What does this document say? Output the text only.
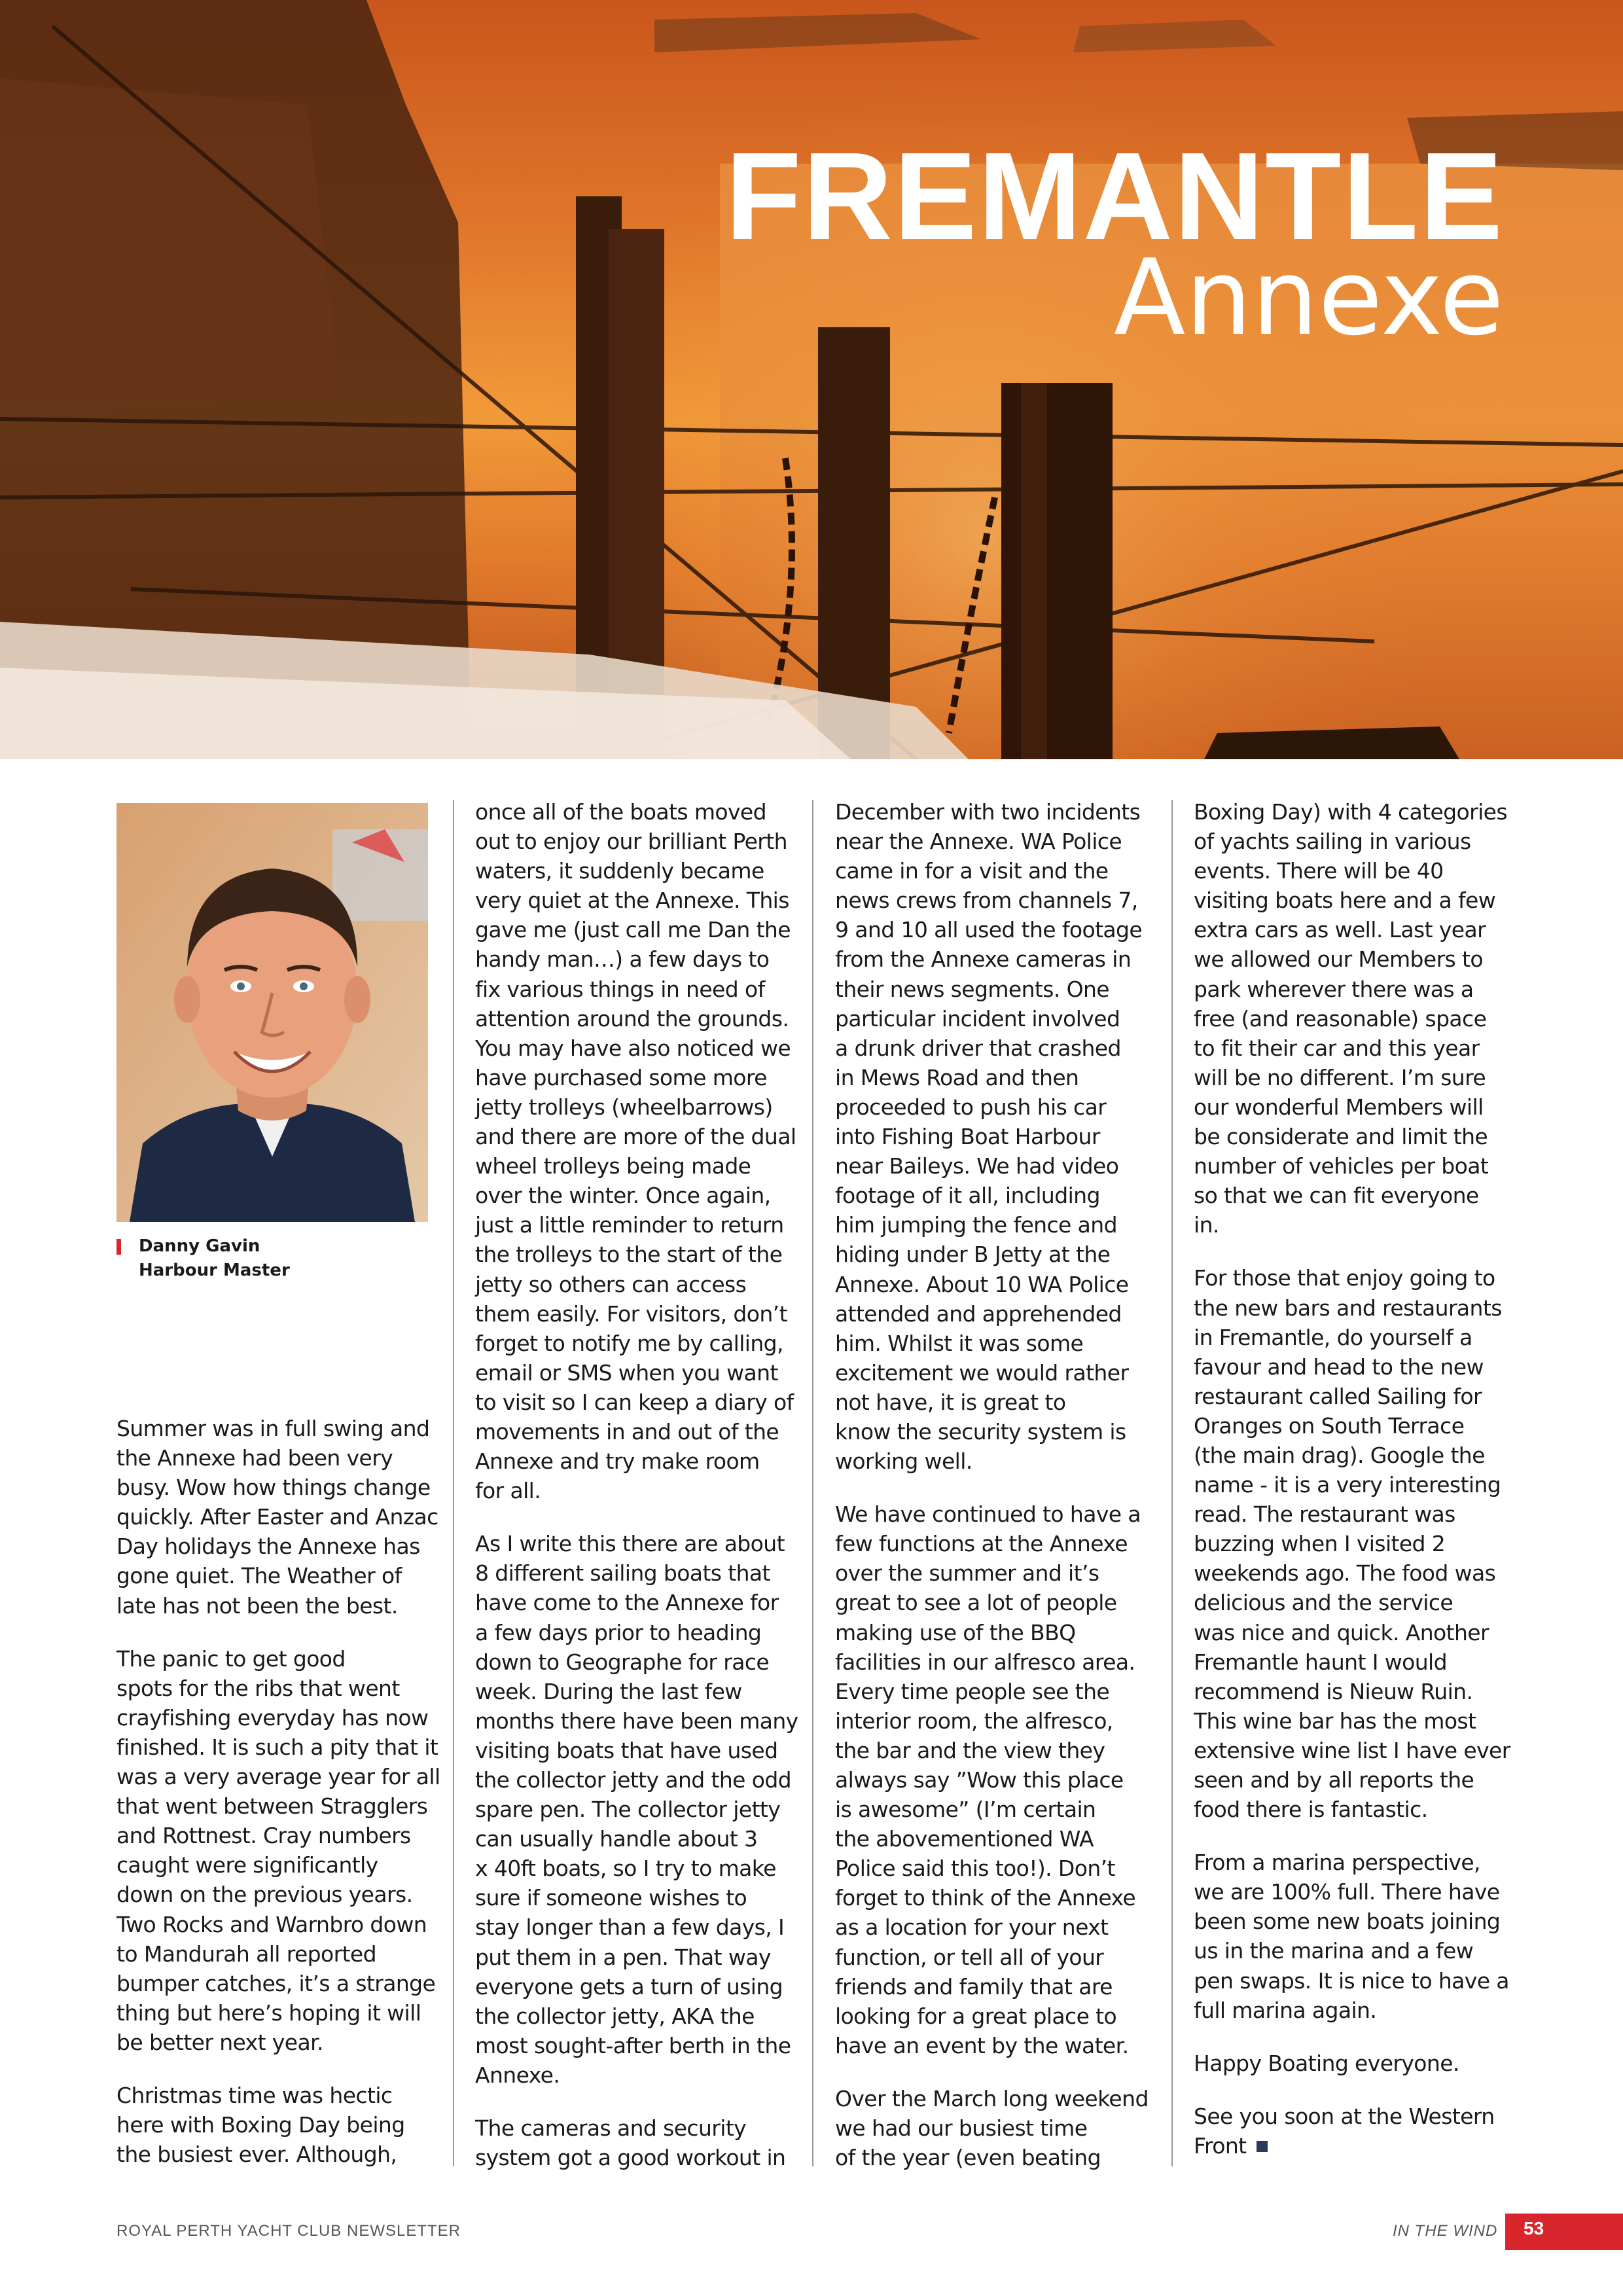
FREMANTLE
Annexe
Danny Gavin
Harbour Master

Summer was in full swing and
the Annexe had been very
busy. Wow how things change
quickly. After Easter and Anzac
Day holidays the Annexe has
gone quiet. The Weather of
late has not been the best.

The panic to get good
spots for the ribs that went
crayfishing everyday has now
finished. It is such a pity that it
was a very average year for all
that went between Stragglers
and Rottnest. Cray numbers
caught were significantly
down on the previous years.
Two Rocks and Warnbro down
to Mandurah all reported
bumper catches, it’s a strange
thing but here’s hoping it will
be better next year.

Christmas time was hectic
here with Boxing Day being
the busiest ever. Although,

once all of the boats moved
out to enjoy our brilliant Perth
waters, it suddenly became
very quiet at the Annexe. This
gave me (just call me Dan the
handy man…) a few days to
fix various things in need of
attention around the grounds.
You may have also noticed we
have purchased some more
jetty trolleys (wheelbarrows)
and there are more of the dual
wheel trolleys being made
over the winter. Once again,
just a little reminder to return
the trolleys to the start of the
jetty so others can access
them easily. For visitors, don’t
forget to notify me by calling,
email or SMS when you want
to visit so I can keep a diary of
movements in and out of the
Annexe and try make room
for all.

As I write this there are about
8 different sailing boats that
have come to the Annexe for
a few days prior to heading
down to Geographe for race
week. During the last few
months there have been many
visiting boats that have used
the collector jetty and the odd
spare pen. The collector jetty
can usually handle about 3
x 40ft boats, so I try to make
sure if someone wishes to
stay longer than a few days, I
put them in a pen. That way
everyone gets a turn of using
the collector jetty, AKA the
most sought-after berth in the
Annexe.

The cameras and security
system got a good workout in

December with two incidents
near the Annexe. WA Police
came in for a visit and the
news crews from channels 7,
9 and 10 all used the footage
from the Annexe cameras in
their news segments. One
particular incident involved
a drunk driver that crashed
in Mews Road and then
proceeded to push his car
into Fishing Boat Harbour
near Baileys. We had video
footage of it all, including
him jumping the fence and
hiding under B Jetty at the
Annexe. About 10 WA Police
attended and apprehended
him. Whilst it was some
excitement we would rather
not have, it is great to
know the security system is
working well.

We have continued to have a
few functions at the Annexe
over the summer and it’s
great to see a lot of people
making use of the BBQ
facilities in our alfresco area.
Every time people see the
interior room, the alfresco,
the bar and the view they
always say ”Wow this place
is awesome” (I’m certain
the abovementioned WA
Police said this too!). Don’t
forget to think of the Annexe
as a location for your next
function, or tell all of your
friends and family that are
looking for a great place to
have an event by the water.

Over the March long weekend
we had our busiest time
of the year (even beating

Boxing Day) with 4 categories
of yachts sailing in various
events. There will be 40
visiting boats here and a few
extra cars as well. Last year
we allowed our Members to
park wherever there was a
free (and reasonable) space
to fit their car and this year
will be no different. I’m sure
our wonderful Members will
be considerate and limit the
number of vehicles per boat
so that we can fit everyone
in.

For those that enjoy going to
the new bars and restaurants
in Fremantle, do yourself a
favour and head to the new
restaurant called Sailing for
Oranges on South Terrace
(the main drag). Google the
name - it is a very interesting
read. The restaurant was
buzzing when I visited 2
weekends ago. The food was
delicious and the service
was nice and quick. Another
Fremantle haunt I would
recommend is Nieuw Ruin.
This wine bar has the most
extensive wine list I have ever
seen and by all reports the
food there is fantastic.

From a marina perspective,
we are 100% full. There have
been some new boats joining
us in the marina and a few
pen swaps. It is nice to have a
full marina again.

Happy Boating everyone.

See you soon at the Western
Front

ROYAL PERTH YACHT CLUB NEWSLETTER	IN THE WIND 53
